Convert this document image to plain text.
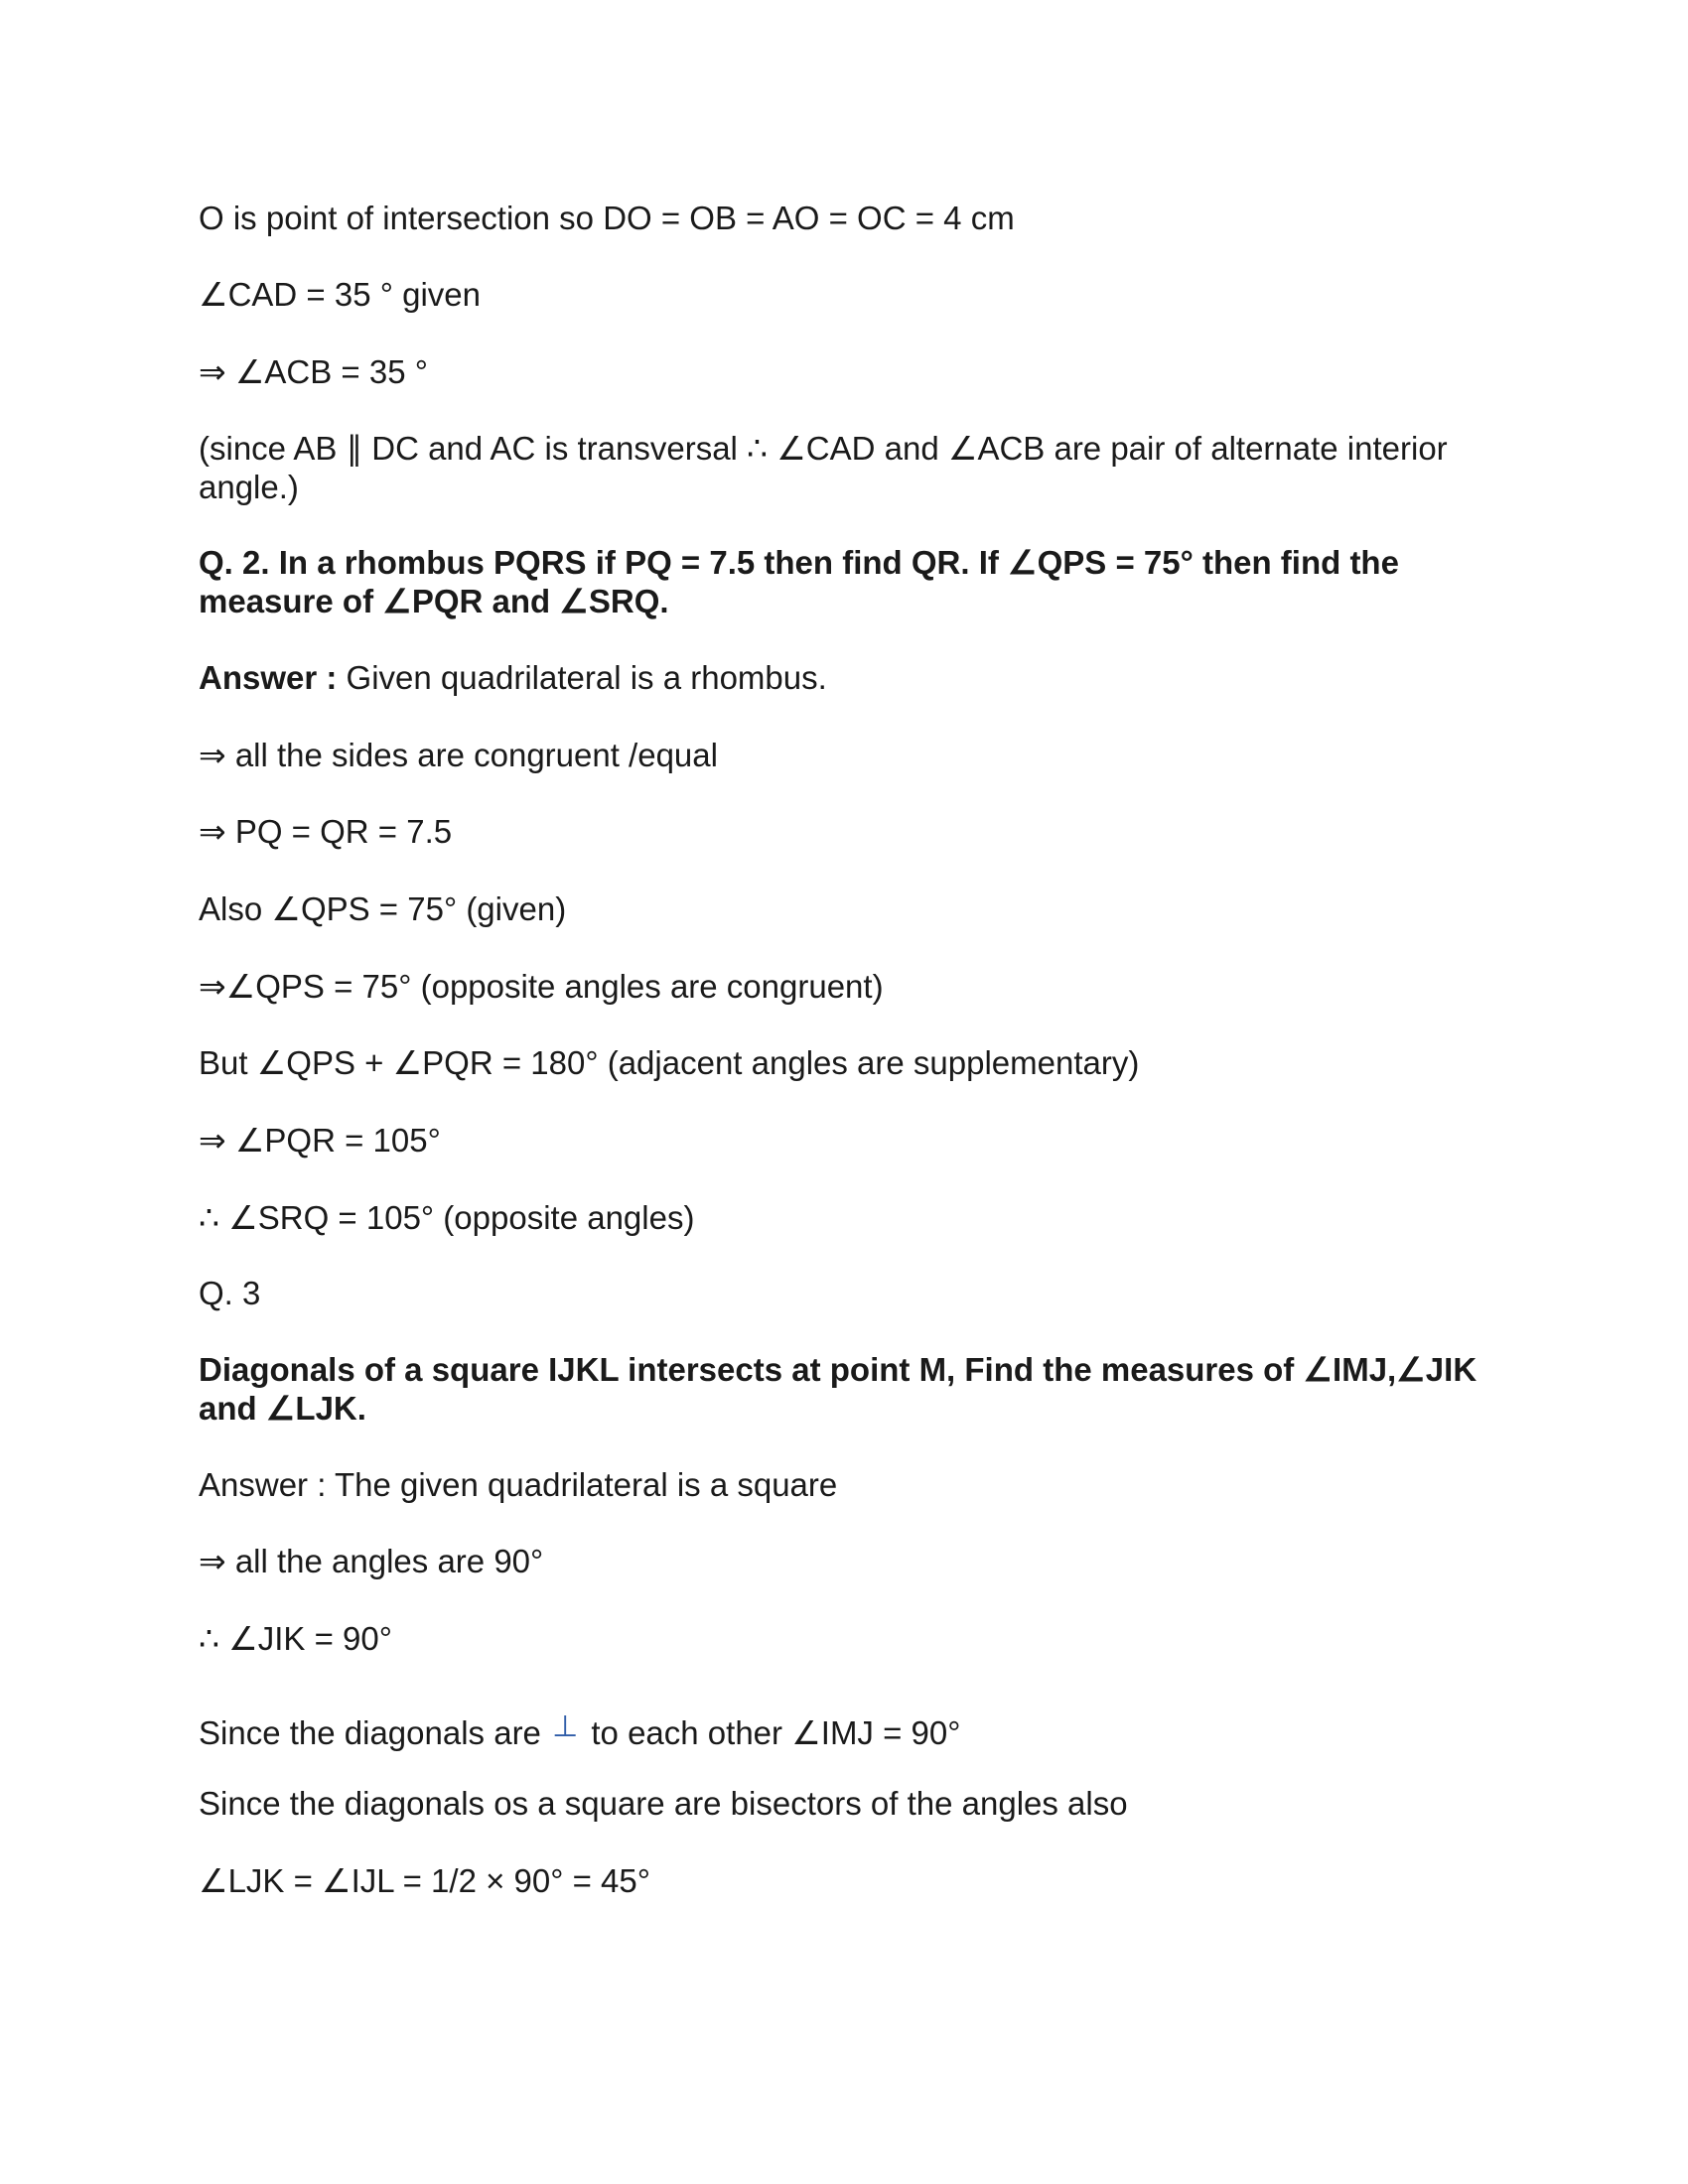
O is point of intersection so DO = OB = AO = OC = 4 cm
∠CAD = 35 ° given
⇒ ∠ACB = 35 °
(since AB ∥ DC and AC is transversal ∴ ∠CAD and ∠ACB are pair of alternate interior angle.)
Q. 2. In a rhombus PQRS if PQ = 7.5 then find QR. If ∠QPS = 75° then find the measure of ∠PQR and ∠SRQ.
Answer : Given quadrilateral is a rhombus.
⇒ all the sides are congruent /equal
⇒ PQ = QR = 7.5
Also ∠QPS = 75° (given)
⇒∠QPS = 75° (opposite angles are congruent)
But ∠QPS + ∠PQR = 180° (adjacent angles are supplementary)
⇒ ∠PQR = 105°
∴ ∠SRQ = 105° (opposite angles)
Q. 3
Diagonals of a square IJKL intersects at point M, Find the measures of ∠IMJ,∠JIK and ∠LJK.
Answer : The given quadrilateral is a square
⇒ all the angles are 90°
∴ ∠JIK = 90°
Since the diagonals are ⊥ to each other ∠IMJ = 90°
Since the diagonals os a square are bisectors of the angles also
∠LJK = ∠IJL = 1/2 × 90° = 45°
